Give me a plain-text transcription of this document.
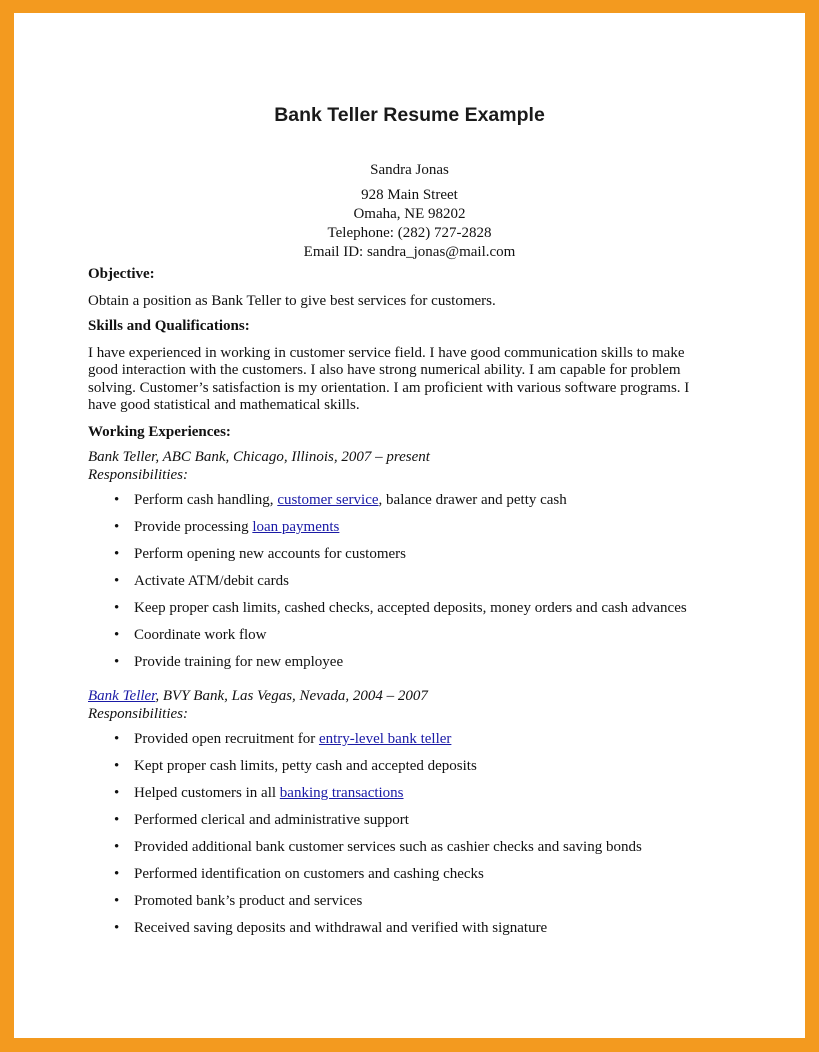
Bank Teller Resume Example
Sandra Jonas
928 Main Street
Omaha, NE 98202
Telephone: (282) 727-2828
Email ID: sandra_jonas@mail.com

Objective:

Obtain a position as Bank Teller to give best services for customers.

Skills and Qualifications:

I have experienced in working in customer service field. I have good communication skills to make
good interaction with the customers. I also have strong numerical ability. I am capable for problem
solving. Customer’s satisfaction is my orientation. I am proficient with various software programs. I
have good statistical and mathematical skills.

Working Experiences:

Bank Teller, ABC Bank, Chicago, Illinois, 2007 – present

Responsibilities:

• Perform cash handling, customer service, balance drawer and petty cash
• Provide processing loan payments
• Perform opening new accounts for customers
• Activate ATM/debit cards
• Keep proper cash limits, cashed checks, accepted deposits, money orders and cash advances
• Coordinate work flow
• Provide training for new employee

Bank Teller, BVY Bank, Las Vegas, Nevada, 2004 – 2007

Responsibilities:

• Provided open recruitment for entry-level bank teller
• Kept proper cash limits, petty cash and accepted deposits
• Helped customers in all banking transactions
• Performed clerical and administrative support
• Provided additional bank customer services such as cashier checks and saving bonds
• Performed identification on customers and cashing checks
• Promoted bank’s product and services
• Received saving deposits and withdrawal and verified with signature
